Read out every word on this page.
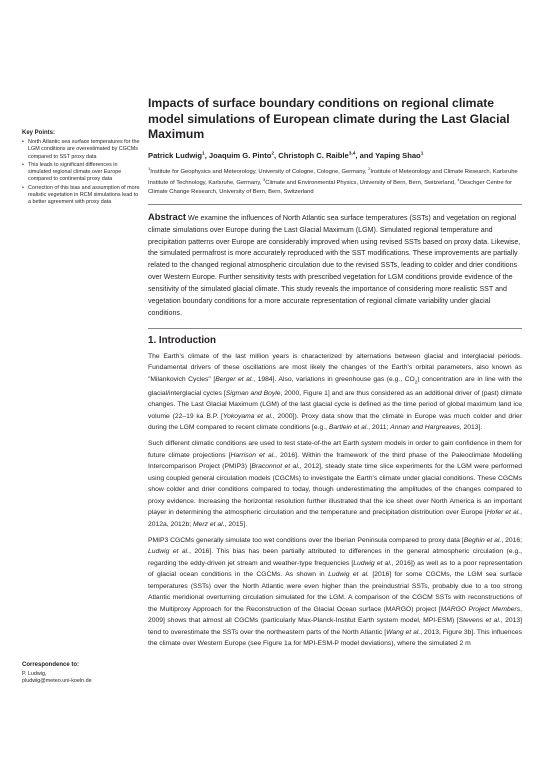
Key Points:
• North Atlantic sea surface temperatures for the LGM conditions are overestimated by CGCMs compared to SST proxy data
• This leads to significant differences in simulated regional climate over Europe compared to continental proxy data
• Correction of this bias and assumption of more realistic vegetation in RCM simulations lead to a better agreement with proxy data
Correspondence to:
P. Ludwig,
pludwig@meteo.uni-koeln.de
Impacts of surface boundary conditions on regional climate model simulations of European climate during the Last Glacial Maximum
Patrick Ludwig$^1$, Joaquim G. Pinto$^2$, Christoph C. Raible$^{3,4}$, and Yaping Shao$^1$
$^1$Institute for Geophysics and Meteorology, University of Cologne, Cologne, Germany, $^2$Institute of Meteorology and Climate Research, Karlsruhe Institute of Technology, Karlsruhe, Germany, $^3$Climate and Environmental Physics, University of Bern, Bern, Switzerland, $^4$Oeschger Centre for Climate Change Research, University of Bern, Bern, Switzerland

Abstract We examine the influences of North Atlantic sea surface temperatures (SSTs) and vegetation on regional climate simulations over Europe during the Last Glacial Maximum (LGM). Simulated regional temperature and precipitation patterns over Europe are considerably improved when using revised SSTs based on proxy data. Likewise, the simulated permafrost is more accurately reproduced with the SST modifications. These improvements are partially related to the changed regional atmospheric circulation due to the revised SSTs, leading to colder and drier conditions over Western Europe. Further sensitivity tests with prescribed vegetation for LGM conditions provide evidence of the sensitivity of the simulated glacial climate. This study reveals the importance of considering more realistic SST and vegetation boundary conditions for a more accurate representation of regional climate variability under glacial conditions.

1. Introduction

The Earth's climate of the last million years is characterized by alternations between glacial and interglacial periods. Fundamental drivers of these oscillations are most likely the changes of the Earth's orbital parameters, also known as "Milankovich Cycles" [Berger et al., 1984]. Also, variations in greenhouse gas (e.g., $CO_2$) concentration are in line with the glacial/interglacial cycles [Sigman and Boyle, 2000, Figure 1] and are thus considered as an additional driver of (past) climate changes. The Last Glacial Maximum (LGM) of the last glacial cycle is defined as the time period of global maximum land ice volume (22–19 ka B.P. [Yokoyama et al., 2000]). Proxy data show that the climate in Europe was much colder and drier during the LGM compared to recent climate conditions [e.g., Bartlein et al., 2011; Annan and Hargreaves, 2013].

Such different climatic conditions are used to test state-of-the art Earth system models in order to gain confidence in them for future climate projections [Harrison et al., 2016]. Within the framework of the third phase of the Paleoclimate Modelling Intercomparison Project (PMIP3) [Braconnot et al., 2012], steady state time slice experiments for the LGM were performed using coupled general circulation models (CGCMs) to investigate the Earth's climate under glacial conditions. These CGCMs show colder and drier conditions compared to today, though underestimating the amplitudes of the changes compared to proxy evidence. Increasing the horizontal resolution further illustrated that the ice sheet over North America is an important player in determining the atmospheric circulation and the temperature and precipitation distribution over Europe [Hofer et al., 2012a, 2012b; Merz et al., 2015].

PMIP3 CGCMs generally simulate too wet conditions over the Iberian Peninsula compared to proxy data [Beghin et al., 2016; Ludwig et al., 2016]. This bias has been partially attributed to differences in the general atmospheric circulation (e.g., regarding the eddy-driven jet stream and weather-type frequencies [Ludwig et al., 2016]) as well as to a poor representation of glacial ocean conditions in the CGCMs. As shown in Ludwig et al. [2016] for some CGCMs, the LGM sea surface temperatures (SSTs) over the North Atlantic were even higher than the preindustrial SSTs, probably due to a too strong Atlantic meridional overturning circulation simulated for the LGM. A comparison of the CGCM SSTs with reconstructions of the Multiproxy Approach for the Reconstruction of the Glacial Ocean surface (MARGO) project [MARGO Project Members, 2009] shows that almost all CGCMs (particularly Max-Planck-Institut Earth system model, MPI-ESM) [Stevens et al., 2013] tend to overestimate the SSTs over the northeastern parts of the North Atlantic [Wang et al., 2013, Figure 3b]. This influences the climate over Western Europe (see Figure 1a for MPI-ESM-P model deviations), where the simulated 2 m
